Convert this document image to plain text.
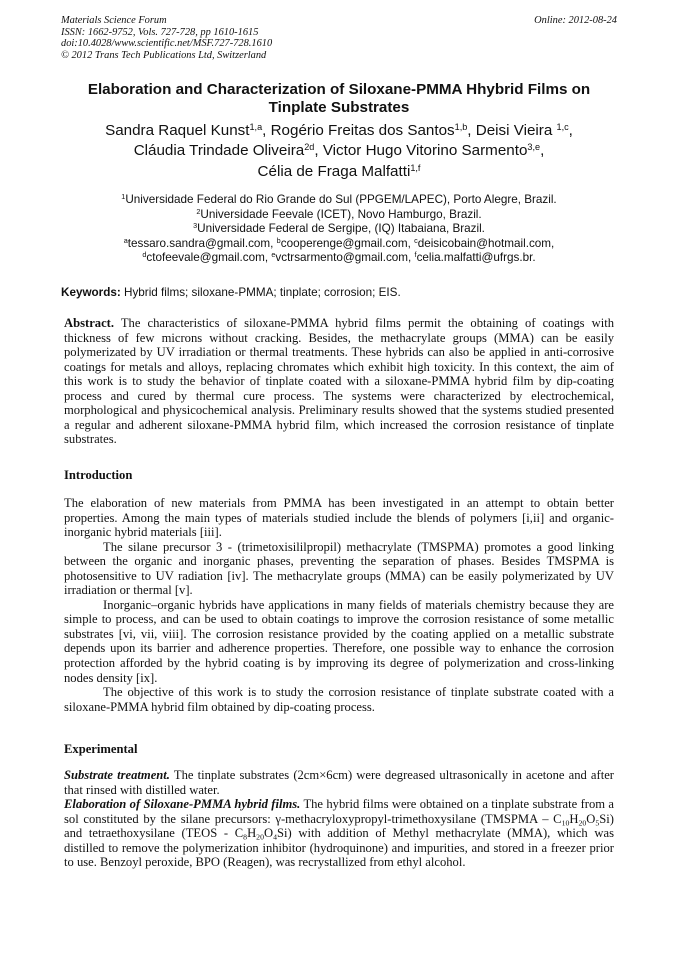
Materials Science Forum
ISSN: 1662-9752, Vols. 727-728, pp 1610-1615
doi:10.4028/www.scientific.net/MSF.727-728.1610
© 2012 Trans Tech Publications Ltd, Switzerland
Online: 2012-08-24
Elaboration and Characterization of Siloxane-PMMA Hhybrid Films on
Tinplate Substrates
Sandra Raquel Kunst$^{1,a}$, Rogério Freitas dos Santos$^{1,b}$, Deisi Vieira $^{1,c}$,
Cláudia Trindade Oliveira$^{2d}$, Victor Hugo Vitorino Sarmento$^{3,e}$,
Célia de Fraga Malfatti$^{1,f}$
$^1$Universidade Federal do Rio Grande do Sul (PPGEM/LAPEC), Porto Alegre, Brazil.
$^2$Universidade Feevale (ICET), Novo Hamburgo, Brazil.
$^3$Universidade Federal de Sergipe, (IQ) Itabaiana, Brazil.
$^a$tessaro.sandra@gmail.com, $^b$cooperenge@gmail.com, $^c$deisicobain@hotmail.com,
$^d$ctofeevale@gmail.com, $^e$vctrsarmento@gmail.com, $^f$celia.malfatti@ufrgs.br.
Keywords: Hybrid films; siloxane-PMMA; tinplate; corrosion; EIS.

Abstract. The characteristics of siloxane-PMMA hybrid films permit the obtaining of coatings with thickness of few microns without cracking. Besides, the methacrylate groups (MMA) can be easily polymerizated by UV irradiation or thermal treatments. These hybrids can also be applied in anti-corrosive coatings for metals and alloys, replacing chromates which exhibit high toxicity. In this context, the aim of this work is to study the behavior of tinplate coated with a siloxane-PMMA hybrid film by dip-coating process and cured by thermal cure process. The systems were characterized by electrochemical, morphological and physicochemical analysis. Preliminary results showed that the systems studied presented a regular and adherent siloxane-PMMA hybrid film, which increased the corrosion resistance of tinplate substrates.

Introduction

The elaboration of new materials from PMMA has been investigated in an attempt to obtain better properties. Among the main types of materials studied include the blends of polymers [i,ii] and organic-inorganic hybrid materials [iii].

The silane precursor 3 - (trimetoxisililpropil) methacrylate (TMSPMA) promotes a good linking between the organic and inorganic phases, preventing the separation of phases. Besides TMSPMA is photosensitive to UV radiation [iv]. The methacrylate groups (MMA) can be easily polymerizated by UV irradiation or thermal [v].

Inorganic–organic hybrids have applications in many fields of materials chemistry because they are simple to process, and can be used to obtain coatings to improve the corrosion resistance of some metallic substrates [vi, vii, viii]. The corrosion resistance provided by the coating applied on a metallic substrate depends upon its barrier and adherence properties. Therefore, one possible way to enhance the corrosion protection afforded by the hybrid coating is by improving its degree of polymerization and cross-linking nodes density [ix].

The objective of this work is to study the corrosion resistance of tinplate substrate coated with a siloxane-PMMA hybrid film obtained by dip-coating process.

Experimental

Substrate treatment. The tinplate substrates (2cm×6cm) were degreased ultrasonically in acetone and after that rinsed with distilled water.

Elaboration of Siloxane-PMMA hybrid films. The hybrid films were obtained on a tinplate substrate from a sol constituted by the silane precursors: γ-methacryloxypropyl-trimethoxysilane (TMSPMA – $C_{10}H_{20}O_5Si$) and tetraethoxysilane (TEOS - $C_8H_{20}O_4Si$) with addition of Methyl methacrylate (MMA), which was distilled to remove the polymerization inhibitor (hydroquinone) and impurities, and stored in a freezer prior to use. Benzoyl peroxide, BPO (Reagen), was recrystallized from ethyl alcohol.
